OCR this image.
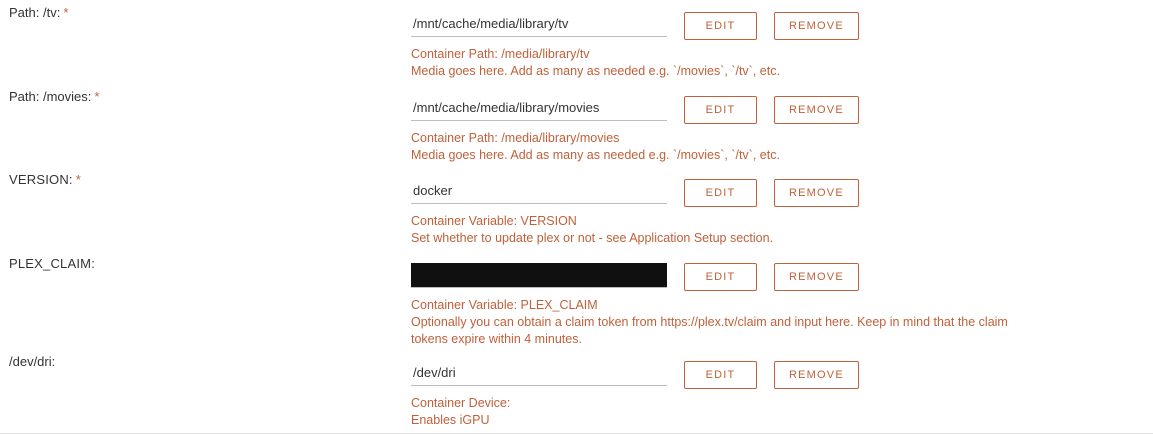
Path: /tv: *
/mnt/cache/media/library/tv
EDIT	REMOVE
Container Path: /media/library/tv
Media goes here. Add as many as needed e.g. `/movies`, `/tv`, etc.
Path: /movies: *
/mnt/cache/media/library/movies
EDIT	REMOVE
Container Path: /media/library/movies
Media goes here. Add as many as needed e.g. `/movies`, `/tv`, etc.
VERSION: *
docker
EDIT	REMOVE
Container Variable: VERSION
Set whether to update plex or not - see Application Setup section.
PLEX_CLAIM:
claim-xxxxxxxxxxxxxxxxxxxx
EDIT	REMOVE
Container Variable: PLEX_CLAIM
Optionally you can obtain a claim token from https://plex.tv/claim and input here. Keep in mind that the claim tokens expire within 4 minutes.
/dev/dri:
/dev/dri
EDIT	REMOVE
Container Device:
Enables iGPU
